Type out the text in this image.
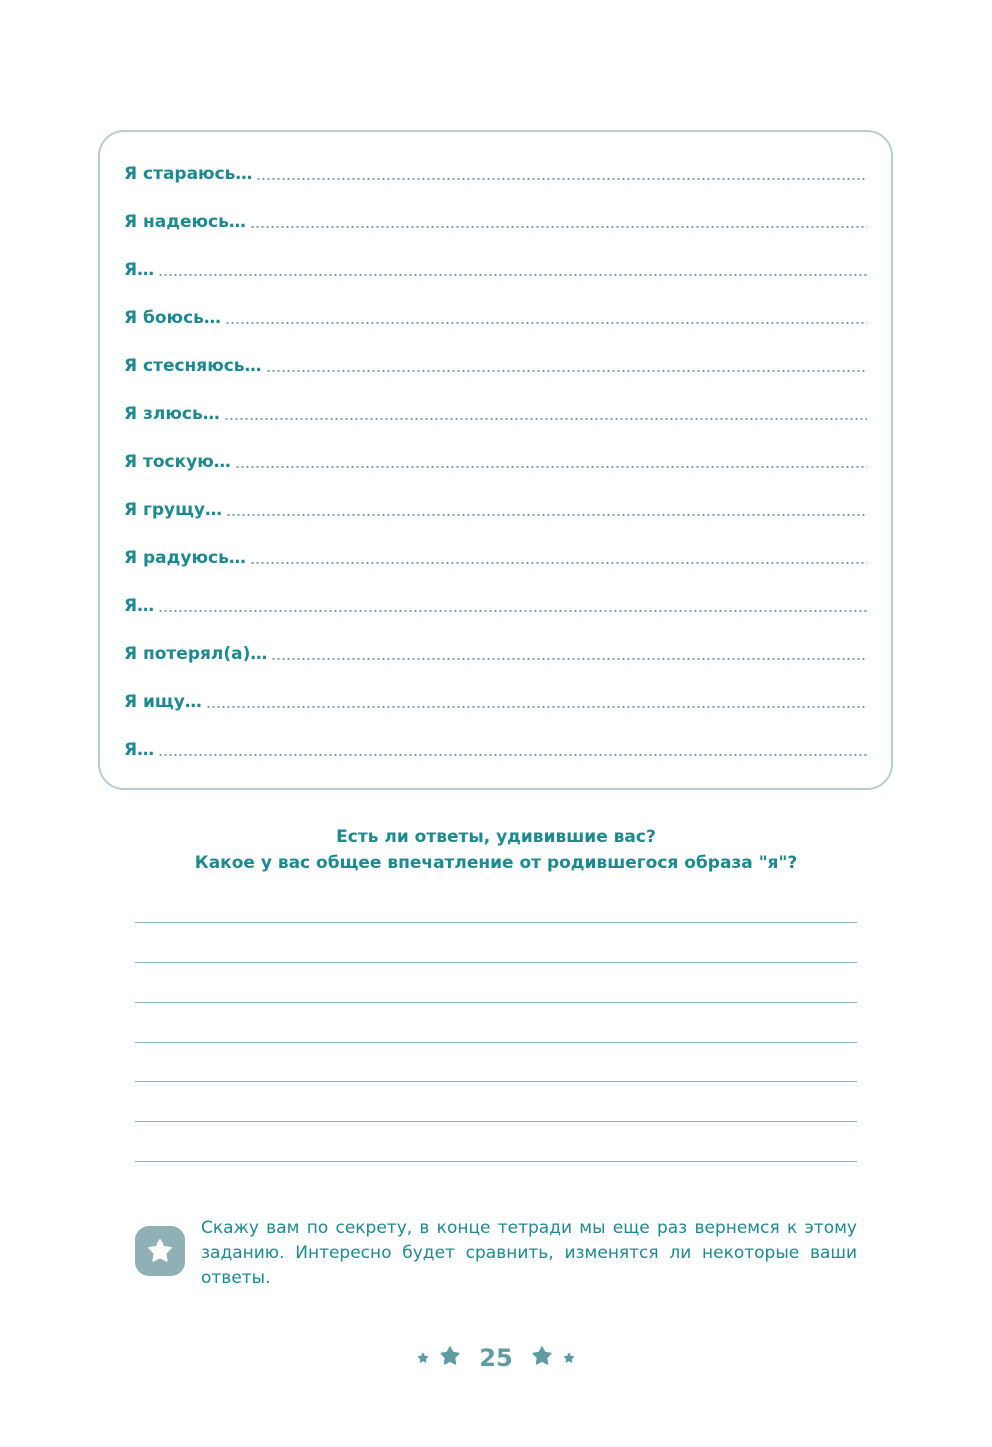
Я стараюсь…
Я надеюсь…
Я…
Я боюсь…
Я стесняюсь…
Я злюсь…
Я тоскую…
Я грущу…
Я радуюсь…
Я…
Я потерял(а)…
Я ищу…
Я…
Есть ли ответы, удивившие вас?
Какое у вас общее впечатление от родившегося образа "я"?
Скажу вам по секрету, в конце тетради мы еще раз вернемся к этому заданию. Интересно будет сравнить, изменятся ли некоторые ваши ответы.
25
